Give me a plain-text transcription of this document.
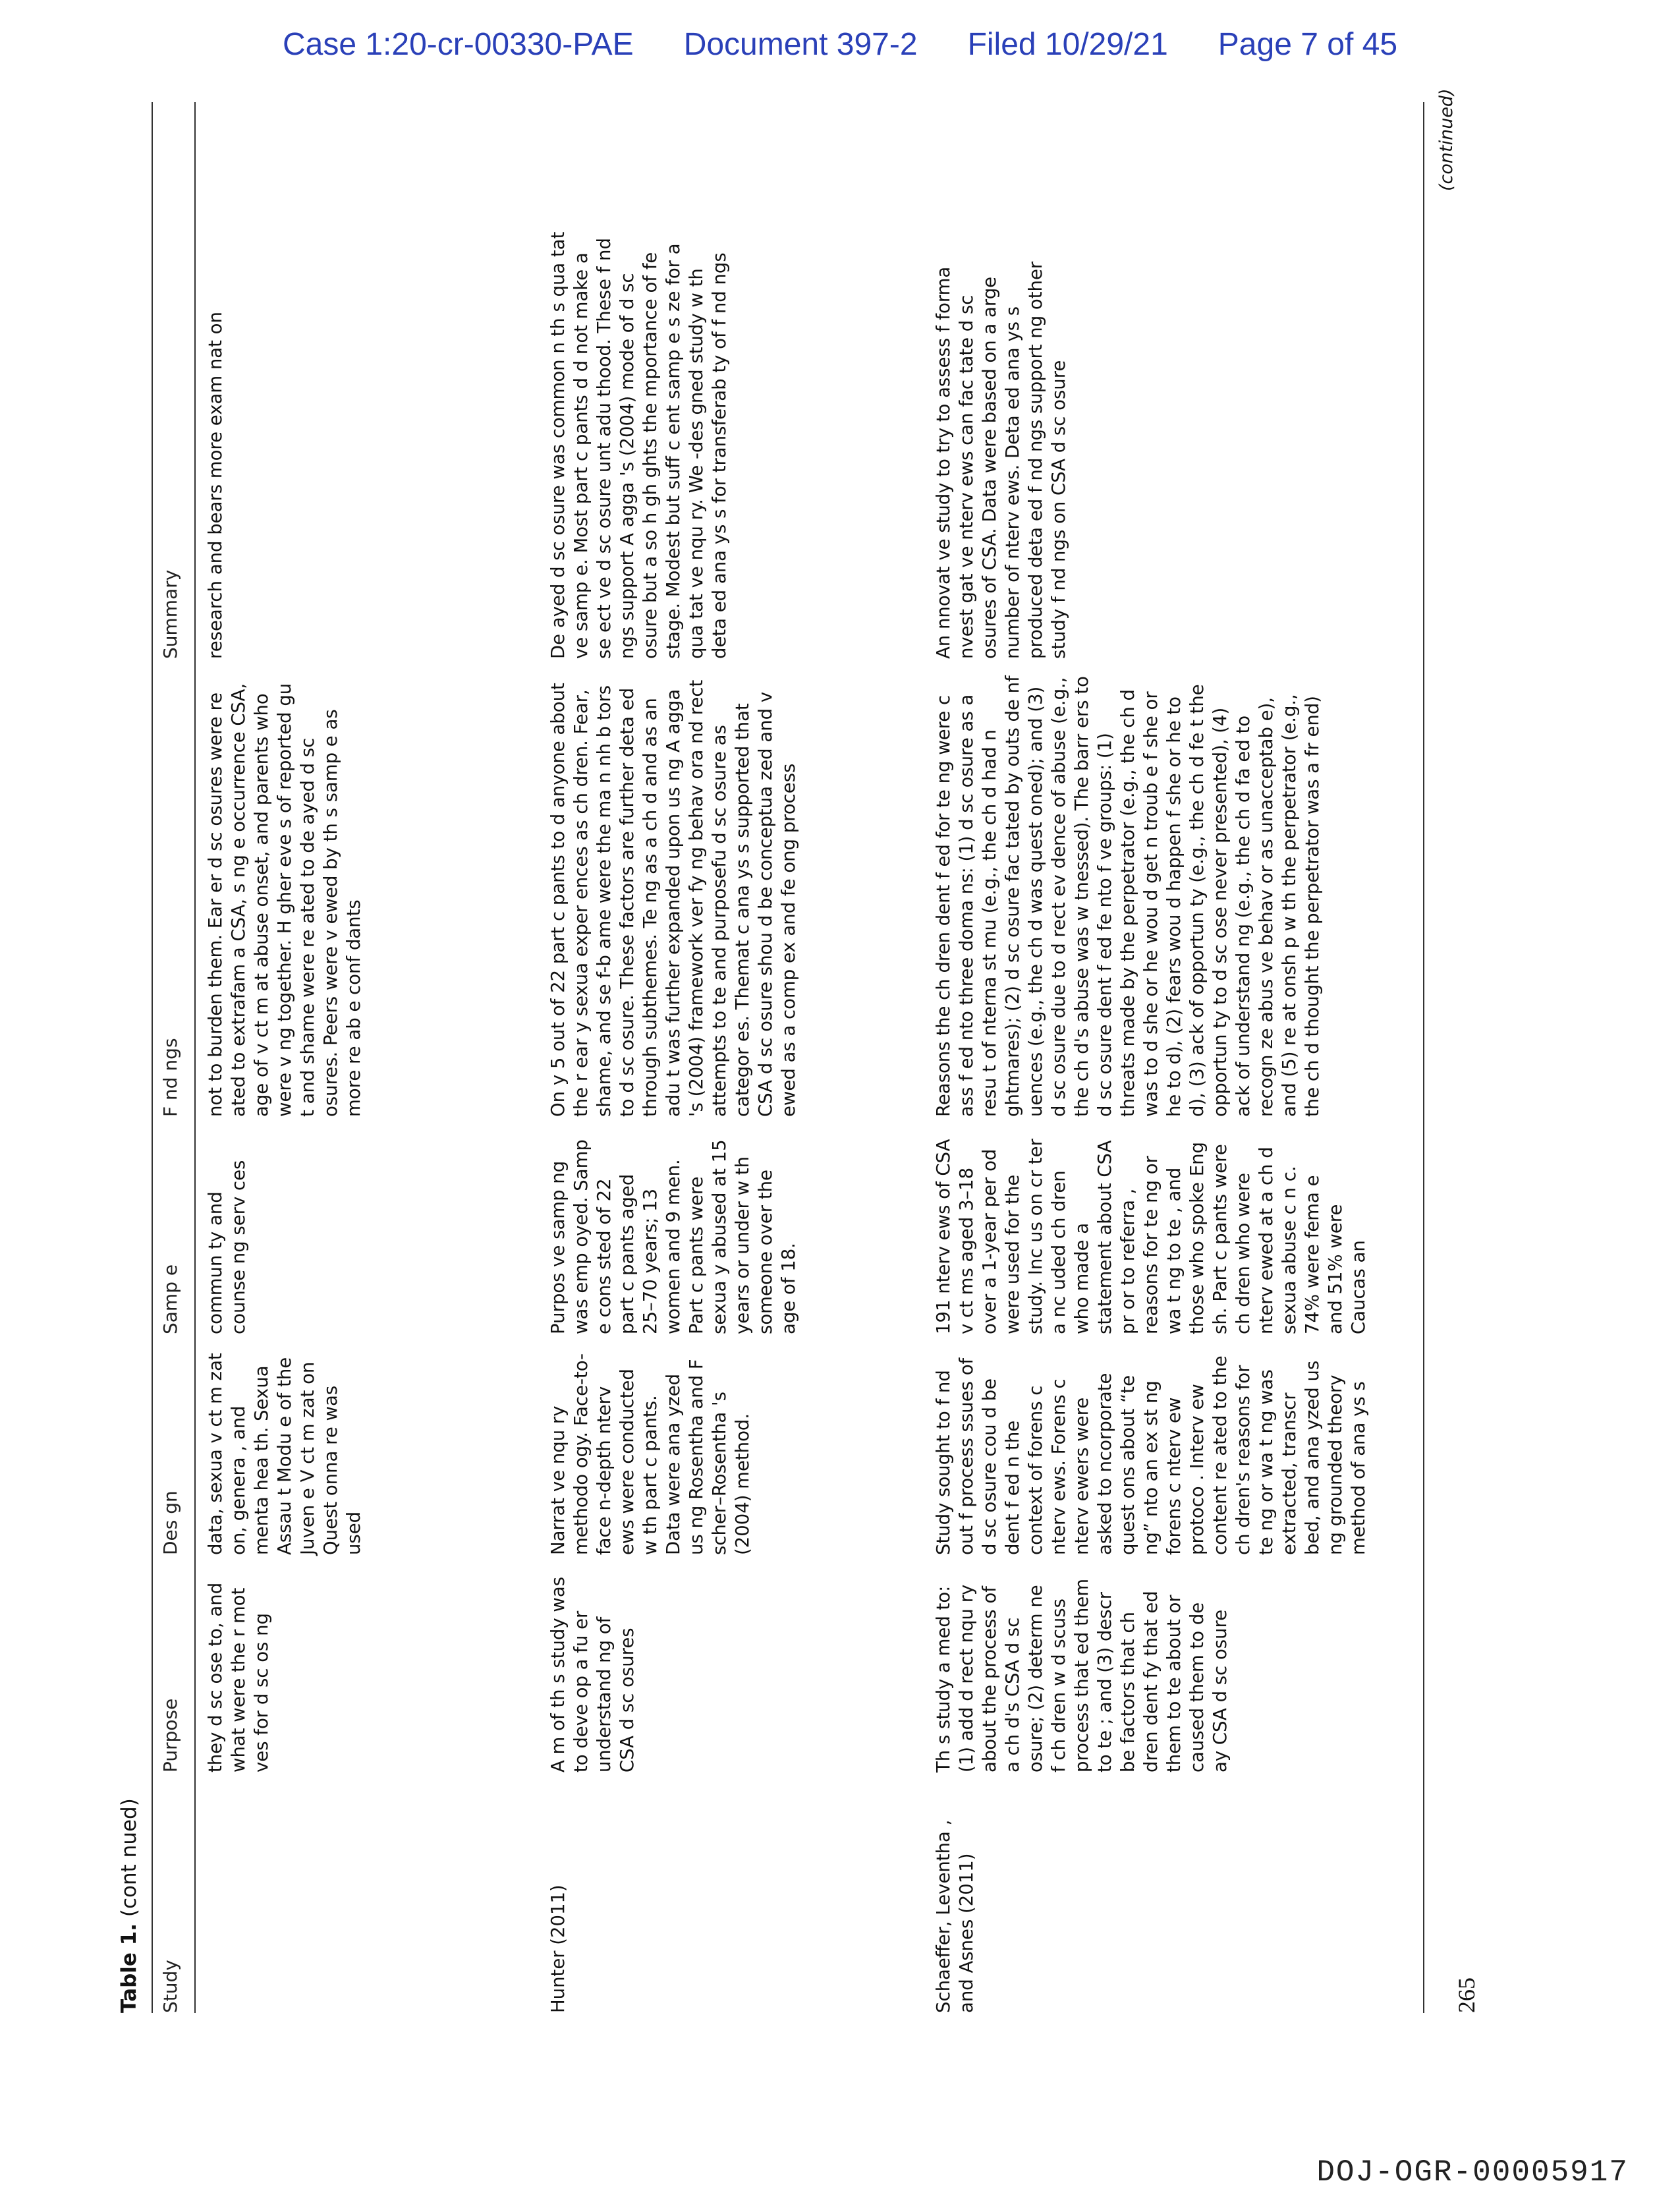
Case 1:20-cr-00330-PAE Document 397-2 Filed 10/29/21 Page 7 of 45
Table 1. (cont nued)
Study
Purpose
Des gn
Samp e
F nd ngs
Summary
they d sc ose to, and what were the r mot ves for d sc os ng
data, sexua v ct m zat on, genera , and menta hea th. Sexua Assau t Modu e of the Juven e V ct m zat on Quest onna re was used
commun ty and counse ng serv ces
not to burden them. Ear er d sc osures were re ated to extrafam a CSA, s ng e occurrence CSA, age of v ct m at abuse onset, and parents who were v ng together. H gher eve s of reported gu t and shame were re ated to de ayed d sc osures. Peers were v ewed by th s samp e as more re ab e conf dants
research and bears more exam nat on
Hunter (2011)
A m of th s study was to deve op a fu er understand ng of CSA d sc osures
Narrat ve nqu ry methodo ogy. Face-to-face n-depth nterv ews were conducted w th part c pants. Data were ana yzed us ng Rosentha and F scher–Rosentha 's (2004) method.
Purpos ve samp ng was emp oyed. Samp e cons sted of 22 part c pants aged 25–70 years; 13 women and 9 men. Part c pants were sexua y abused at 15 years or under w th someone over the age of 18.
On y 5 out of 22 part c pants to d anyone about the r ear y sexua exper ences as ch dren. Fear, shame, and se f-b ame were the ma n nh b tors to d sc osure. These factors are further deta ed through subthemes. Te ng as a ch d and as an adu t was further expanded upon us ng A agga 's (2004) framework ver fy ng behav ora nd rect attempts to te and purposefu d sc osure as categor es. Themat c ana ys s supported that CSA d sc osure shou d be conceptua zed and v ewed as a comp ex and fe ong process
De ayed d sc osure was common n th s qua tat ve samp e. Most part c pants d d not make a se ect ve d sc osure unt adu thood. These f nd ngs support A agga 's (2004) mode of d sc osure but a so h gh ghts the mportance of fe stage. Modest but suff c ent samp e s ze for a qua tat ve nqu ry. We -des gned study w th deta ed ana ys s for transferab ty of f nd ngs
Schaeffer, Leventha , and Asnes (2011)
Th s study a med to: (1) add d rect nqu ry about the process of a ch d's CSA d sc osure; (2) determ ne f ch dren w d scuss process that ed them to te ; and (3) descr be factors that ch dren dent fy that ed them to te about or caused them to de ay CSA d sc osure
Study sought to f nd out f process ssues of d sc osure cou d be dent f ed n the context of forens c nterv ews. Forens c nterv ewers were asked to ncorporate quest ons about “te ng” nto an ex st ng forens c nterv ew protoco . Interv ew content re ated to the ch dren's reasons for te ng or wa t ng was extracted, transcr bed, and ana yzed us ng grounded theory method of ana ys s
191 nterv ews of CSA v ct ms aged 3–18 over a 1-year per od were used for the study. Inc us on cr ter a nc uded ch dren who made a statement about CSA pr or to referra , reasons for te ng or wa t ng to te , and those who spoke Eng sh. Part c pants were ch dren who were nterv ewed at a ch d sexua abuse c n c. 74% were fema e and 51% were Caucas an
Reasons the ch dren dent f ed for te ng were c ass f ed nto three doma ns: (1) d sc osure as a resu t of nterna st mu (e.g., the ch d had n ghtmares); (2) d sc osure fac tated by outs de nf uences (e.g., the ch d was quest oned); and (3) d sc osure due to d rect ev dence of abuse (e.g., the ch d's abuse was w tnessed). The barr ers to d sc osure dent f ed fe nto f ve groups: (1) threats made by the perpetrator (e.g., the ch d was to d she or he wou d get n troub e f she or he to d), (2) fears wou d happen f she or he to d), (3) ack of opportun ty (e.g., the ch d fe t the opportun ty to d sc ose never presented), (4) ack of understand ng (e.g., the ch d fa ed to recogn ze abus ve behav or as unacceptab e), and (5) re at onsh p w th the perpetrator (e.g., the ch d thought the perpetrator was a fr end)
An nnovat ve study to try to assess f forma nvest gat ve nterv ews can fac tate d sc osures of CSA. Data were based on a arge number of nterv ews. Deta ed ana ys s produced deta ed f nd ngs support ng other study f nd ngs on CSA d sc osure
(continued)
265
DOJ-OGR-00005917
